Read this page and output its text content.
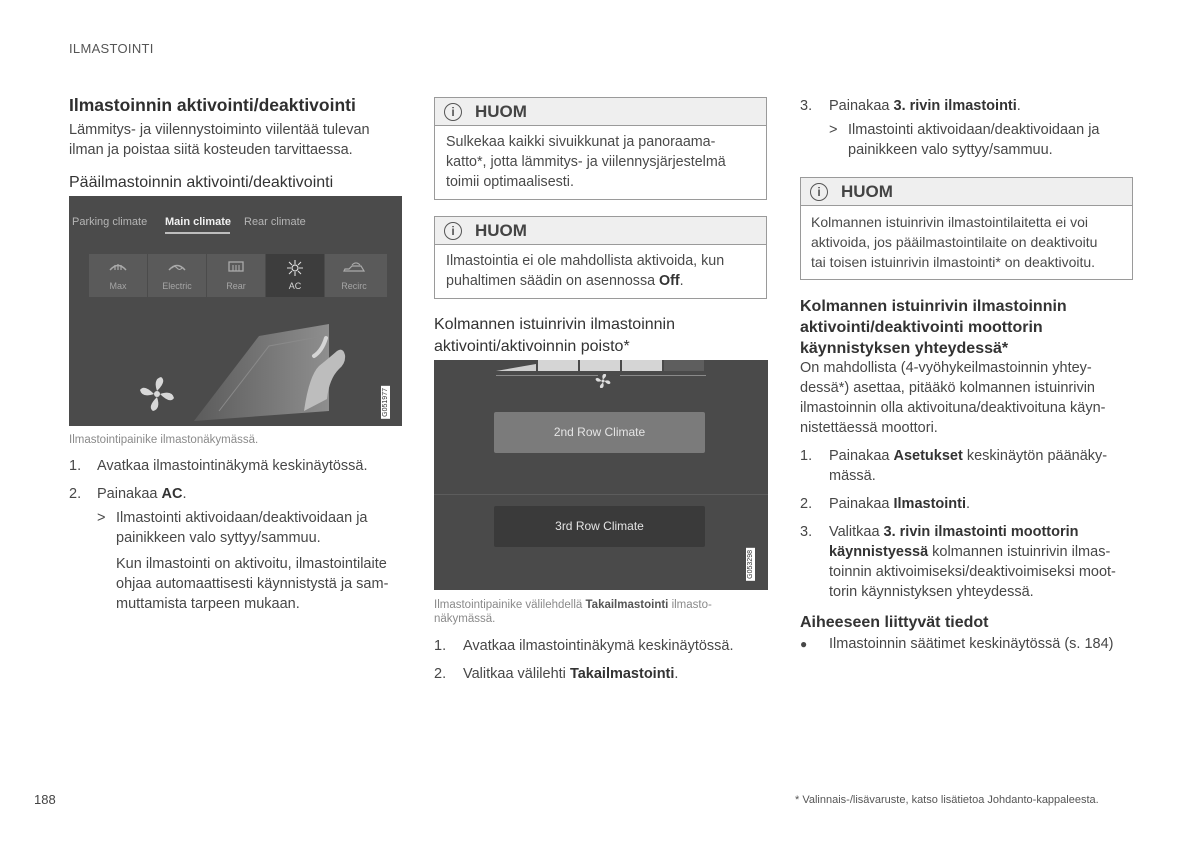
ILMASTOINTI
Ilmastoinnin aktivointi/deaktivointi

Lämmitys- ja viilennystoiminto viilentää tulevan

ilman ja poistaa siitä kosteuden tarvittaessa.

Pääilmastoinnin aktivointi/deaktivointi
Parking climate Main climate Rear climate
Max	Electric	Rear	AC	Recirc
G051977
Ilmastointipainike ilmastonäkymässä.
1.	Avatkaa ilmastointinäkymä keskinäytössä.
2.	Painakaa AC.
> Ilmastointi aktivoidaan/deaktivoidaan ja
painikkeen valo syttyy/sammuu.
Kun ilmastointi on aktivoitu, ilmastointilaite
ohjaa automaattisesti käynnistystä ja sam-
muttamista tarpeen mukaan.
i	HUOM
Sulkekaa kaikki sivuikkunat ja panoraama-
katto*, jotta lämmitys- ja viilennysjärjestelmä
toimii optimaalisesti.
i	HUOM
Ilmastointia ei ole mahdollista aktivoida, kun
puhaltimen säädin on asennossa Off.
Kolmannen istuinrivin ilmastoinnin
aktivointi/aktivoinnin poisto*
2nd Row Climate
3rd Row Climate
G053298
Ilmastointipainike välilehdellä Takailmastointi ilmasto-
näkymässä.
1.	Avatkaa ilmastointinäkymä keskinäytössä.
2.	Valitkaa välilehti Takailmastointi.
3.	Painakaa 3. rivin ilmastointi.
> Ilmastointi aktivoidaan/deaktivoidaan ja
painikkeen valo syttyy/sammuu.
i	HUOM
Kolmannen istuinrivin ilmastointilaitetta ei voi
aktivoida, jos pääilmastointilaite on deaktivoitu
tai toisen istuinrivin ilmastointi* on deaktivoitu.
Kolmannen istuinrivin ilmastoinnin
aktivointi/deaktivointi moottorin
käynnistyksen yhteydessä*
On mahdollista (4-vyöhykeilmastoinnin yhtey-
dessä*) asettaa, pitääkö kolmannen istuinrivin
ilmastoinnin olla aktivoituna/deaktivoituna käyn-
nistettäessä moottori.
1. Painakaa Asetukset keskinäytön päänäky-
mässä.
2.	Painakaa Ilmastointi.
3. Valitkaa 3. rivin ilmastointi moottorin
käynnistyessä kolmannen istuinrivin ilmas-
toinnin aktivoimiseksi/deaktivoimiseksi moot-
torin käynnistyksen yhteydessä.
Aiheeseen liittyvät tiedot
●	Ilmastoinnin säätimet keskinäytössä (s. 184)
188	* Valinnais-/lisävaruste, katso lisätietoa Johdanto-kappaleesta.
